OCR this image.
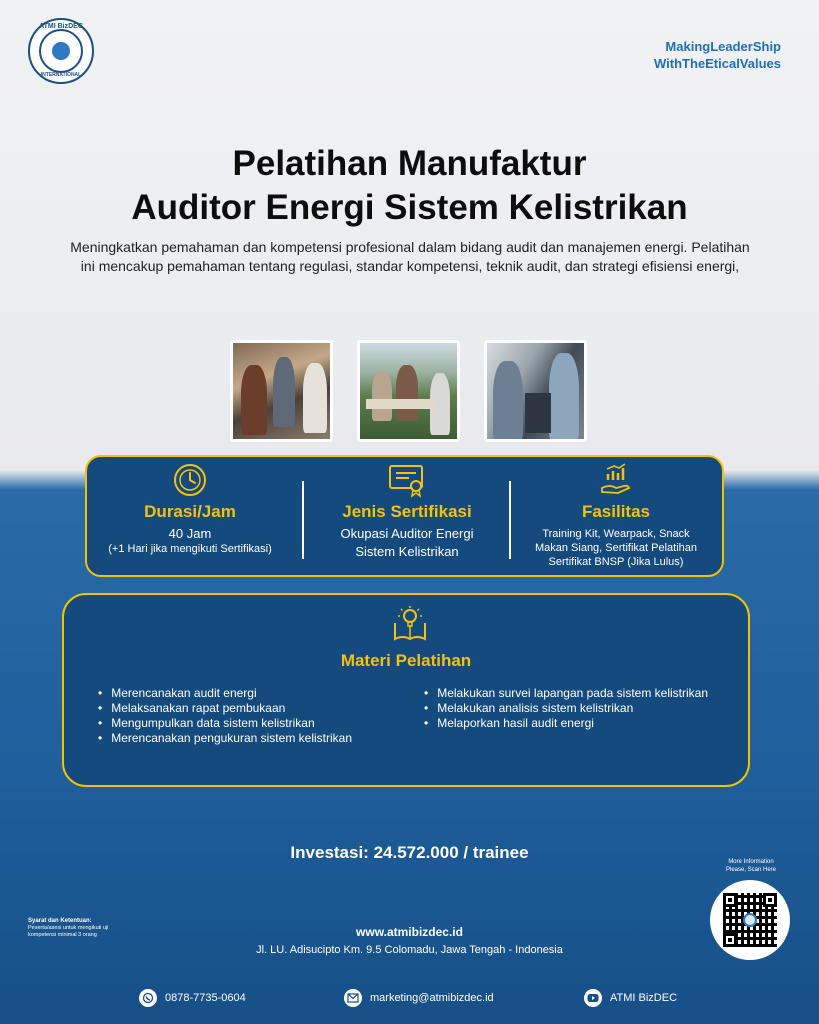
ATMI BizDEC
INTERNATIONAL
MakingLeaderShip
WithTheEticalValues
Pelatihan Manufaktur
Auditor Energi Sistem Kelistrikan
Meningkatkan pemahaman dan kompetensi profesional dalam bidang audit dan manajemen energi. Pelatihan ini mencakup pemahaman tentang regulasi, standar kompetensi, teknik audit, dan strategi efisiensi energi,
Durasi/Jam
40 Jam
(+1 Hari jika mengikuti Sertifikasi)
Jenis Sertifikasi
Okupasi Auditor Energi
Sistem Kelistrikan
Fasilitas
Training Kit, Wearpack, Snack
Makan Siang, Sertifikat Pelatihan
Sertifikat BNSP (Jika Lulus)
Materi Pelatihan
• Merencanakan audit energi
• Melaksanakan rapat pembukaan
• Mengumpulkan data sistem kelistrikan
• Merencanakan pengukuran sistem kelistrikan
• Melakukan survei lapangan pada sistem kelistrikan
• Melakukan analisis sistem kelistrikan
• Melaporkan hasil audit energi
Investasi: 24.572.000 / trainee
Syarat dan Ketentuan:
Peserta/asesi untuk mengikuti uji
kompetensi minimal 3 orang	www.atmibizdec.id
Jl. LU. Adisucipto Km. 9.5 Colomadu, Jawa Tengah - Indonesia
More Information
Please, Scan Here
0878-7735-0604	marketing@atmibizdec.id	ATMI BizDEC
